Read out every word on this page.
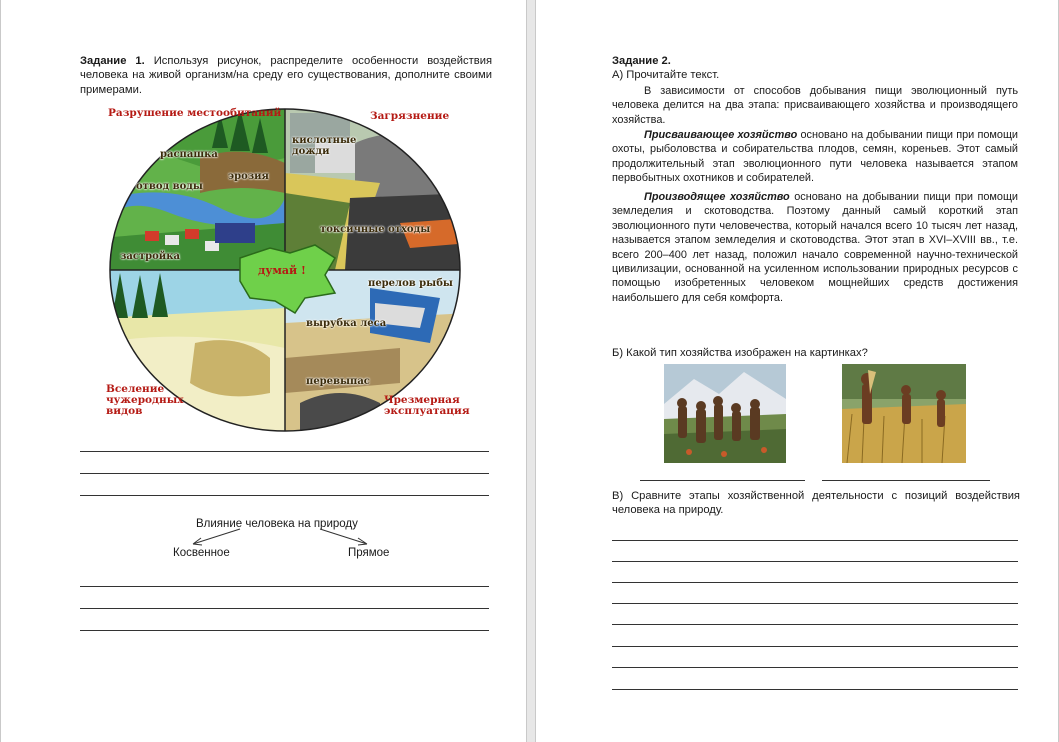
Задание 1. Используя рисунок, распределите особенности воздействия человека на живой организм/на среду его существования, дополните своими примерами.
Разрушение местообитаний	Загрязнение
распашка
кислотные дожди
эрозия
отвод воды
токсичные отходы
застройка
думай !
перелов рыбы
вырубка леса
перевыпас
Вселение чужеродных видов
Чрезмерная эксплуатация
Влияние человека на природу
Косвенное	Прямое
Задание 2.
А) Прочитайте текст.
В зависимости от способов добывания пищи эволюционный путь человека делится на два этапа: присваивающего хозяйства и производящего хозяйства.
Присваивающее хозяйство основано на добывании пищи при помощи охоты, рыболовства и собирательства плодов, семян, кореньев. Этот самый продолжительный этап эволюционного пути человека называется этапом первобытных охотников и собирателей.
Производящее хозяйство основано на добывании пищи при помощи земледелия и скотоводства. Поэтому данный самый короткий этап эволюционного пути человечества, который начался всего 10 тысяч лет назад, называется этапом земледелия и скотоводства. Этот этап в XVI–XVIII вв., т.е. всего 200–400 лет назад, положил начало современной научно-технической цивилизации, основанной на усиленном использовании природных ресурсов с помощью изобретенных человеком мощнейших средств достижения наибольшего для себя комфорта.
Б) Какой тип хозяйства изображен на картинках?
В) Сравните этапы хозяйственной деятельности с позиций воздействия человека на природу.
